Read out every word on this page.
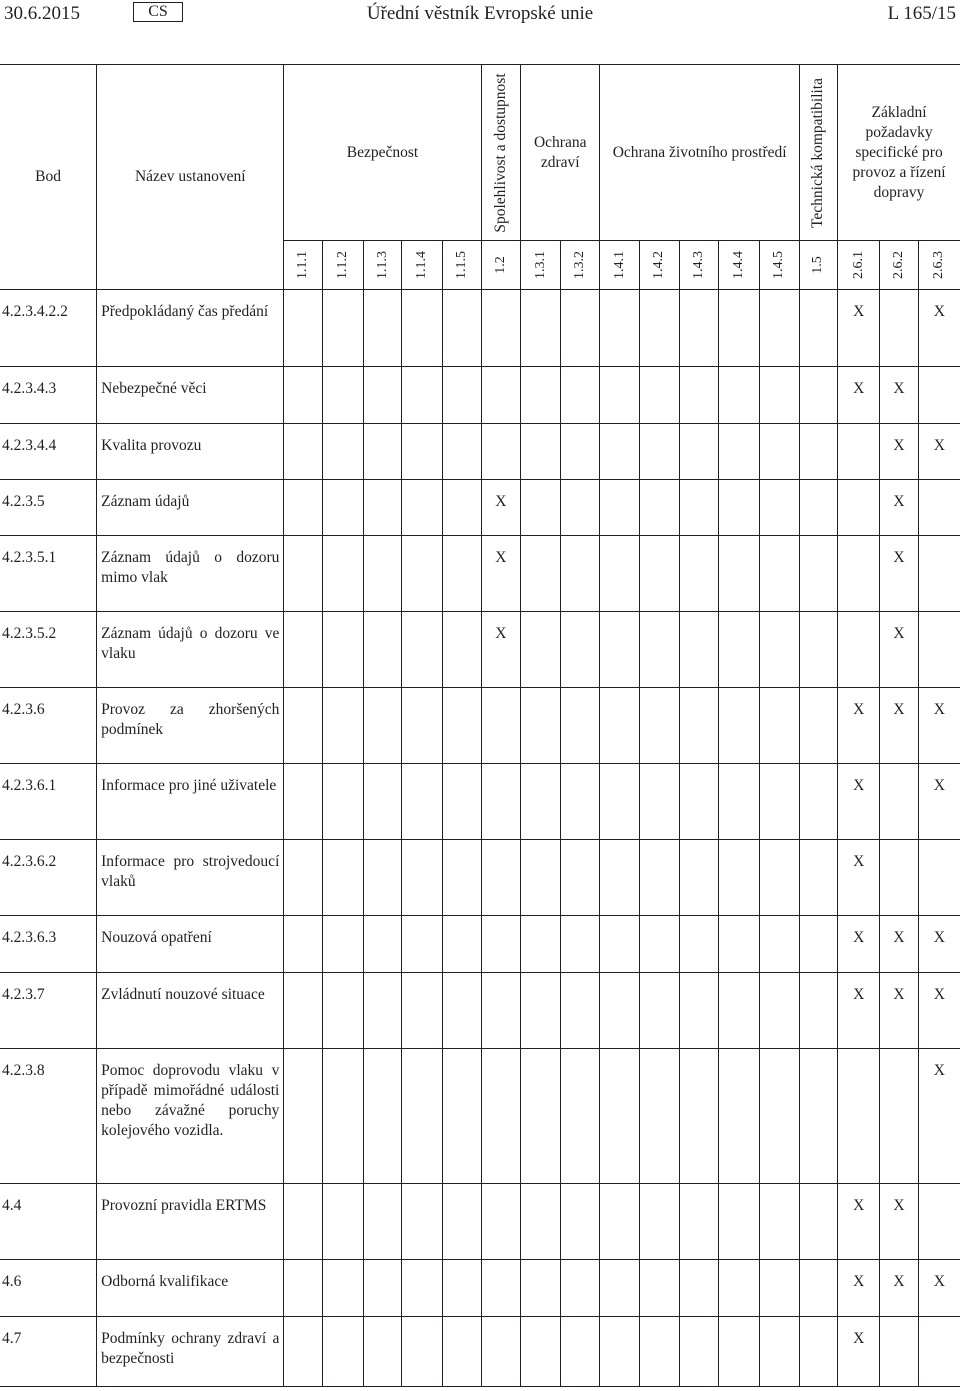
30.6.2015	CS	Úřední věstník Evropské unie	L 165/15
Bod	Název ustanovení	Bezpečnost					Spolehlivost a dostupnost	Ochrana zdraví		Ochrana životního prostředí					Technická kompatibilita	Základní požadavky specifické pro provoz a řízení dopravy		

		1.1.1	1.1.2	1.1.3	1.1.4	1.1.5	1.2	1.3.1	1.3.2	1.4.1	1.4.2	1.4.3	1.4.4	1.4.5	1.5	2.6.1	2.6.2	2.6.3

4.2.3.4.2.2	Předpokládaný čas předání															X		X
4.2.3.4.3	Nebezpečné věci															X	X	
4.2.3.4.4	Kvalita provozu																X	X
4.2.3.5	Záznam údajů						X										X	
4.2.3.5.1	Záznam údajů o dozoru mimo vlak						X										X	
4.2.3.5.2	Záznam údajů o dozoru ve vlaku						X										X	
4.2.3.6	Provoz za zhoršených podmínek															X	X	X
4.2.3.6.1	Informace pro jiné uživatele															X		X
4.2.3.6.2	Informace pro strojvedoucí vlaků															X		
4.2.3.6.3	Nouzová opatření															X	X	X
4.2.3.7	Zvládnutí nouzové situace															X	X	X
4.2.3.8	Pomoc doprovodu vlaku v případě mimořádné události nebo závažné poruchy kolejového vozidla.																	X
4.4	Provozní pravidla ERTMS															X	X	
4.6	Odborná kvalifikace															X	X	X
4.7	Podmínky ochrany zdraví a bezpečnosti															X		
